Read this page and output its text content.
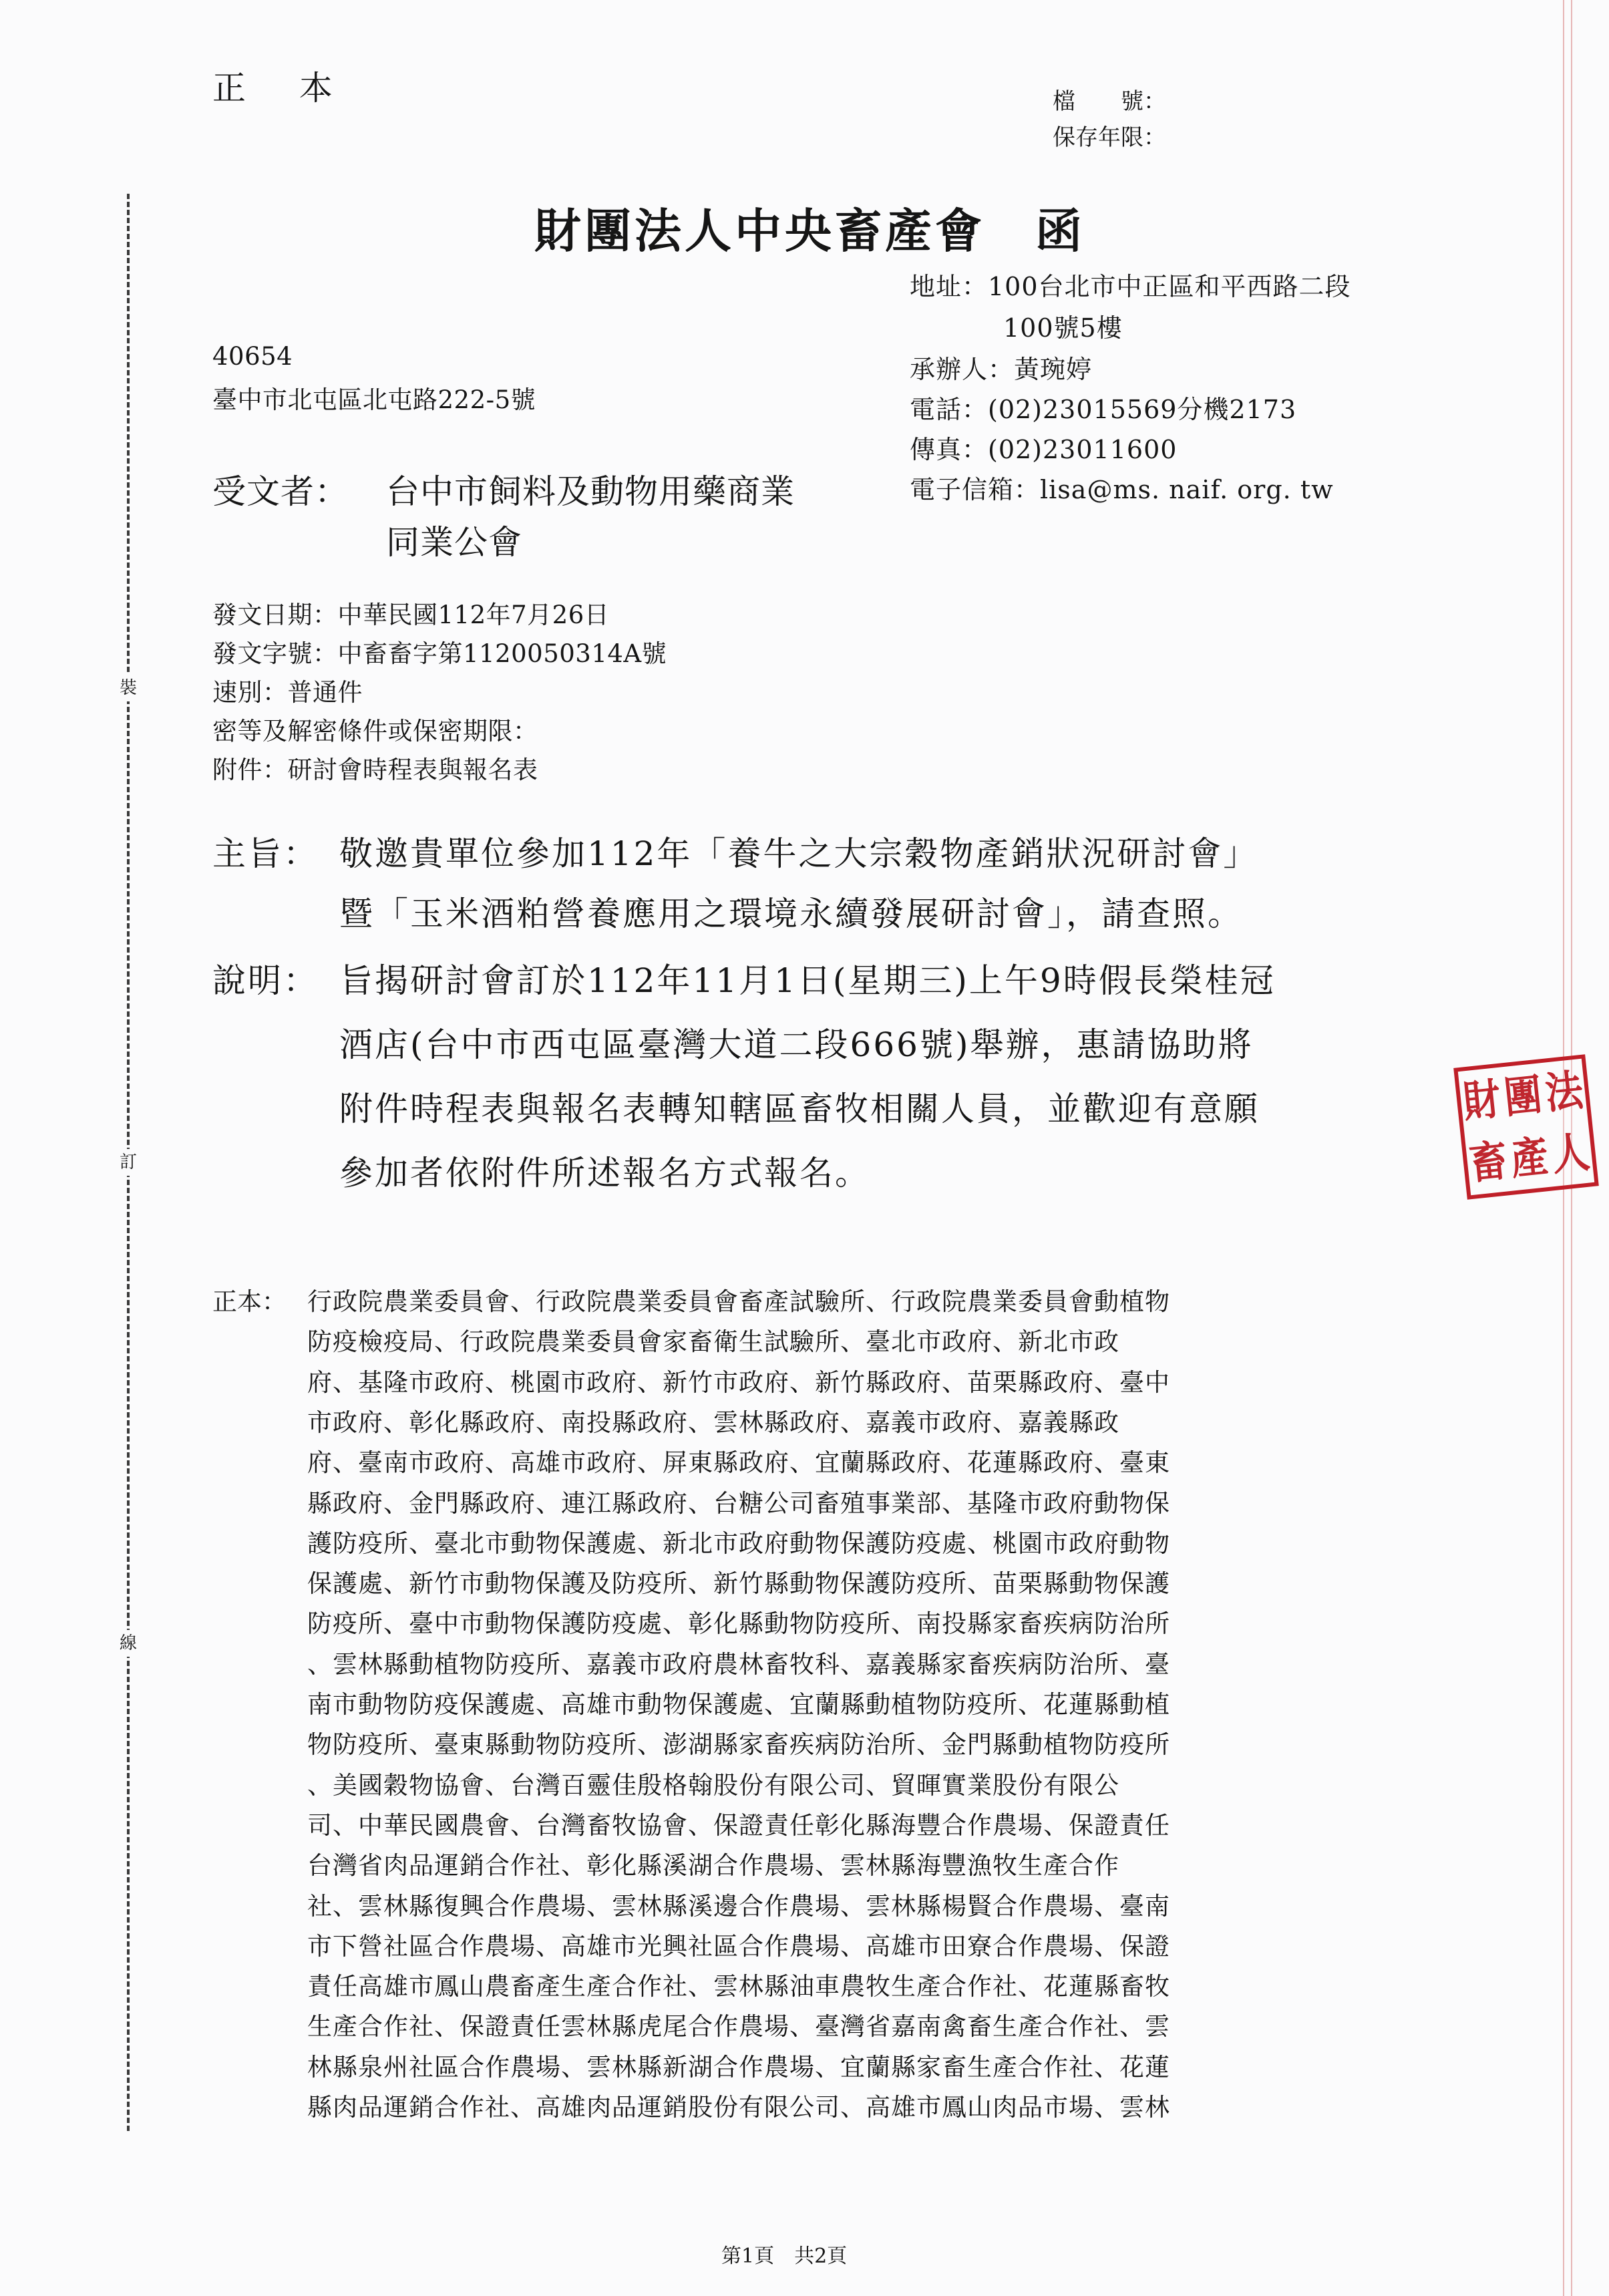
裝
訂
線
正 本	檔　　號：
保存年限：
財團法人中央畜產會　函
地址：100台北市中正區和平西路二段
100號5樓
承辦人：黃琬婷
電話：(02)23015569分機2173
傳真：(02)23011600
電子信箱：lisa@ms. naif. org. tw
40654
臺中市北屯區北屯路222-5號
受文者： 台中市飼料及動物用藥商業
同業公會
發文日期：中華民國112年7月26日
發文字號：中畜畜字第1120050314A號
速別：普通件
密等及解密條件或保密期限：
附件：研討會時程表與報名表
主旨： 敬邀貴單位參加112年「養牛之大宗穀物產銷狀況研討會」
暨「玉米酒粕營養應用之環境永續發展研討會」，請查照。
說明： 旨揭研討會訂於112年11月1日(星期三)上午9時假長榮桂冠
酒店(台中市西屯區臺灣大道二段666號)舉辦，惠請協助將
附件時程表與報名表轉知轄區畜牧相關人員，並歡迎有意願
參加者依附件所述報名方式報名。
財
團
法
畜
產
人
正本： 行政院農業委員會、行政院農業委員會畜產試驗所、行政院農業委員會動植物
防疫檢疫局、行政院農業委員會家畜衛生試驗所、臺北市政府、新北市政
府、基隆市政府、桃園市政府、新竹市政府、新竹縣政府、苗栗縣政府、臺中
市政府、彰化縣政府、南投縣政府、雲林縣政府、嘉義市政府、嘉義縣政
府、臺南市政府、高雄市政府、屏東縣政府、宜蘭縣政府、花蓮縣政府、臺東
縣政府、金門縣政府、連江縣政府、台糖公司畜殖事業部、基隆市政府動物保
護防疫所、臺北市動物保護處、新北市政府動物保護防疫處、桃園市政府動物
保護處、新竹市動物保護及防疫所、新竹縣動物保護防疫所、苗栗縣動物保護
防疫所、臺中市動物保護防疫處、彰化縣動物防疫所、南投縣家畜疾病防治所
、雲林縣動植物防疫所、嘉義市政府農林畜牧科、嘉義縣家畜疾病防治所、臺
南市動物防疫保護處、高雄市動物保護處、宜蘭縣動植物防疫所、花蓮縣動植
物防疫所、臺東縣動物防疫所、澎湖縣家畜疾病防治所、金門縣動植物防疫所
、美國穀物協會、台灣百靈佳殷格翰股份有限公司、貿暉實業股份有限公
司、中華民國農會、台灣畜牧協會、保證責任彰化縣海豐合作農場、保證責任
台灣省肉品運銷合作社、彰化縣溪湖合作農場、雲林縣海豐漁牧生產合作
社、雲林縣復興合作農場、雲林縣溪邊合作農場、雲林縣楊賢合作農場、臺南
市下營社區合作農場、高雄市光興社區合作農場、高雄市田寮合作農場、保證
責任高雄市鳳山農畜產生產合作社、雲林縣油車農牧生產合作社、花蓮縣畜牧
生產合作社、保證責任雲林縣虎尾合作農場、臺灣省嘉南禽畜生產合作社、雲
林縣泉州社區合作農場、雲林縣新湖合作農場、宜蘭縣家畜生產合作社、花蓮
縣肉品運銷合作社、高雄肉品運銷股份有限公司、高雄市鳳山肉品市場、雲林
第1頁　共2頁
